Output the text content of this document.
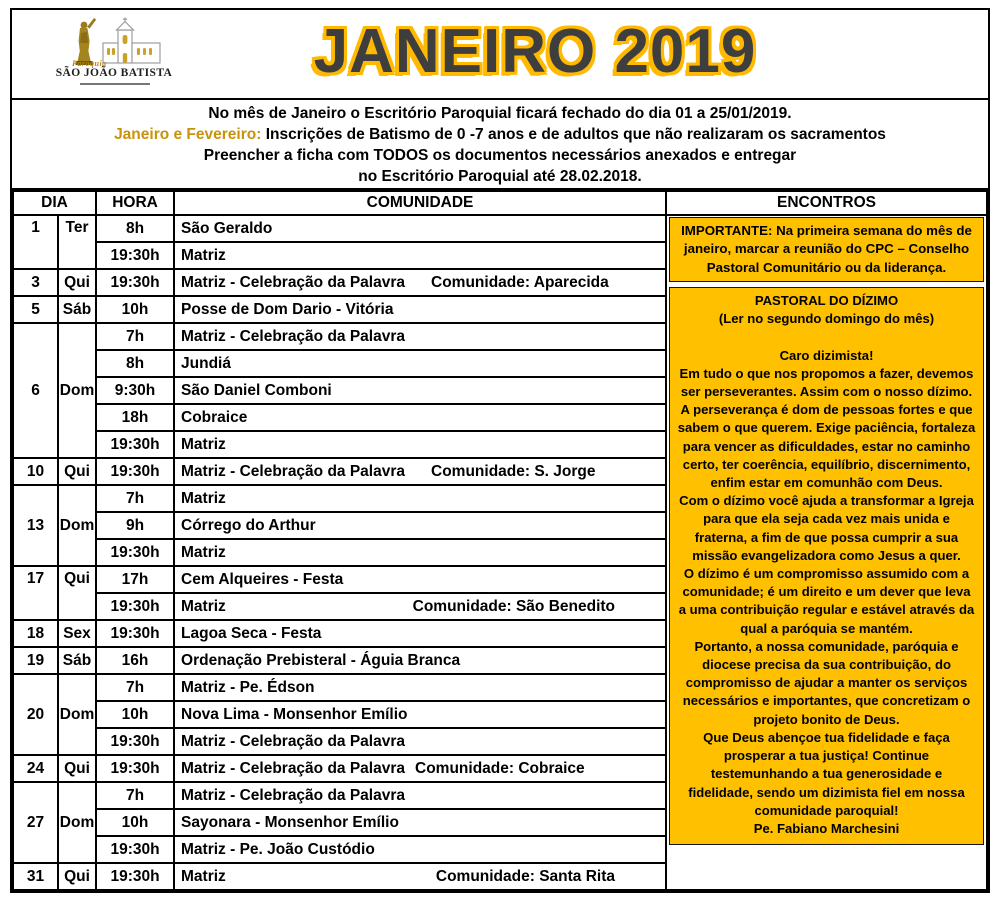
Paróquia
SÃO JOÃO BATISTA	JANEIRO 2019
No mês de Janeiro o Escritório Paroquial ficará fechado do dia 01 a 25/01/2019.
Janeiro e Fevereiro: Inscrições de Batismo de 0 -7 anos e de adultos que não realizaram os sacramentos
Preencher a ficha com TODOS os documentos necessários anexados e entregar
no Escritório Paroquial até 28.02.2018.
DIA		HORA	COMUNIDADE	ENCONTROS
1	Ter	8h	São Geraldo	IMPORTANTE: Na primeira semana do mês de janeiro, marcar a reunião do CPC – Conselho Pastoral Comunitário ou da liderança.
PASTORAL DO DÍZIMO
(Ler no segundo domingo do mês)
Caro dizimista!
Em tudo o que nos propomos a fazer, devemos ser perseverantes. Assim com o nosso dízimo.
A perseverança é dom de pessoas fortes e que sabem o que querem. Exige paciência, fortaleza para vencer as dificuldades, estar no caminho certo, ter coerência, equilíbrio, discernimento, enfim estar em comunhão com Deus.
Com o dízimo você ajuda a transformar a Igreja para que ela seja cada vez mais unida e fraterna, a fim de que possa cumprir a sua missão evangelizadora como Jesus a quer.
O dízimo é um compromisso assumido com a comunidade; é um direito e um dever que leva a uma contribuição regular e estável através da qual a paróquia se mantém.
Portanto, a nossa comunidade, paróquia e diocese precisa da sua contribuição, do compromisso de ajudar a manter os serviços necessários e importantes, que concretizam o projeto bonito de Deus.
Que Deus abençoe tua fidelidade e faça prosperar a tua justiça! Continue testemunhando a tua generosidade e fidelidade, sendo um dizimista fiel em nossa comunidade paroquial!
Pe. Fabiano Marchesini

		19:30h	Matriz	

3	Qui	19:30h	Matriz - Celebração da Palavra Comunidade: Aparecida	

5	Sáb	10h	Posse de Dom Dario - Vitória	

6	Dom	7h	Matriz - Celebração da Palavra	

		8h	Jundiá	

		9:30h	São Daniel Comboni	

		18h	Cobraice	

		19:30h	Matriz	

10	Qui	19:30h	Matriz - Celebração da Palavra Comunidade: S. Jorge	

13	Dom	7h	Matriz	

		9h	Córrego do Arthur	

		19:30h	Matriz	

17	Qui	17h	Cem Alqueires - Festa	

		19:30h	Matriz Comunidade: São Benedito	

18	Sex	19:30h	Lagoa Seca - Festa	

19	Sáb	16h	Ordenação Prebisteral - Águia Branca	

20	Dom	7h	Matriz - Pe. Édson	

		10h	Nova Lima - Monsenhor Emílio	

		19:30h	Matriz - Celebração da Palavra	

24	Qui	19:30h	Matriz - Celebração da Palavra Comunidade: Cobraice	

27	Dom	7h	Matriz - Celebração da Palavra	

		10h	Sayonara - Monsenhor Emílio	

		19:30h	Matriz - Pe. João Custódio	

31	Qui	19:30h	Matriz Comunidade: Santa Rita	
